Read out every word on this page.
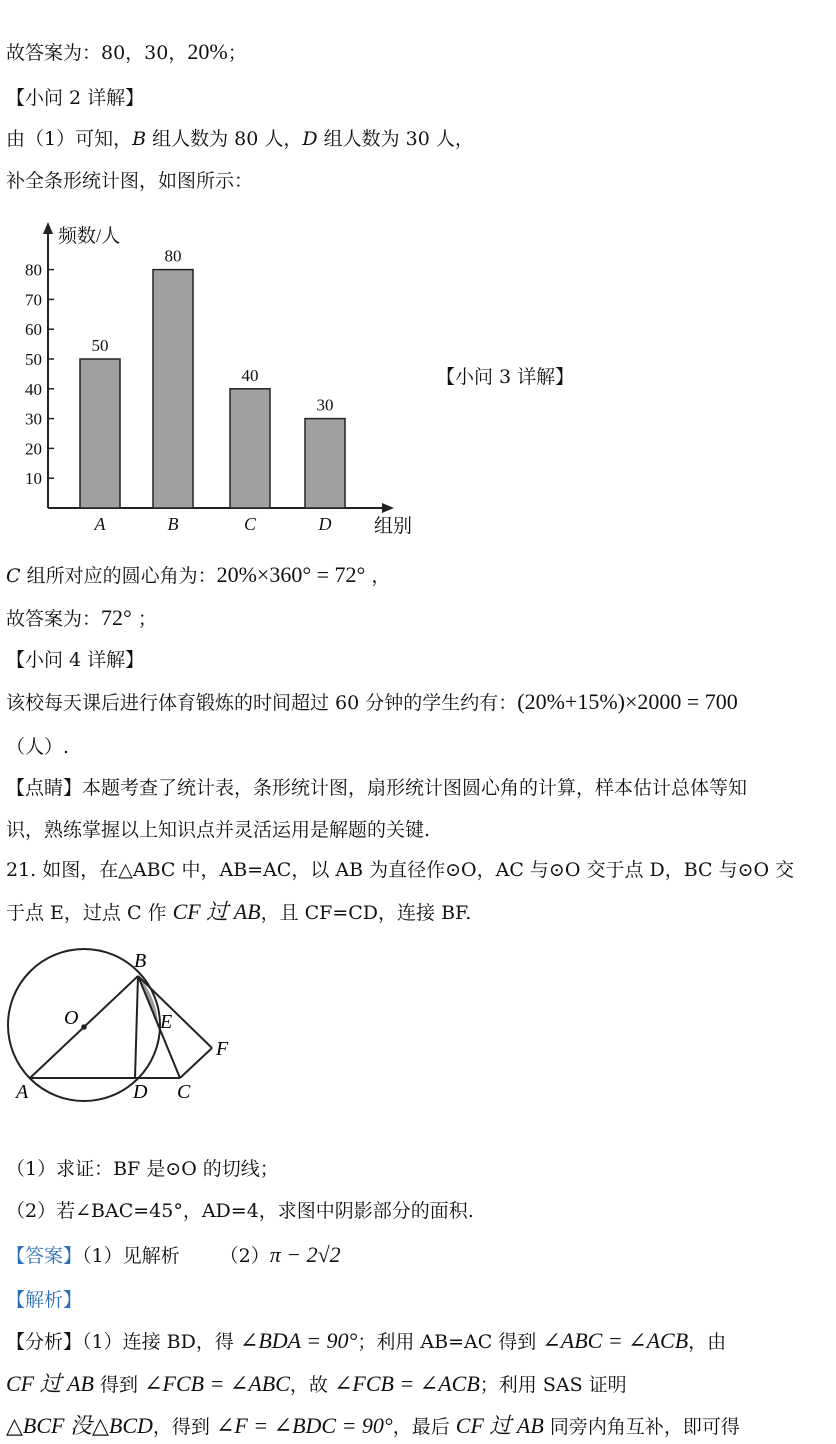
故答案为：80，30，20%；
【小问 2 详解】
由（1）可知，B 组人数为 80 人，D 组人数为 30 人，
补全条形统计图，如图所示：
10
20
30
40
50
60
70
80
频数/人
组别
50
A
80
B
40
C
30
D
【小问 3 详解】
C 组所对应的圆心角为：20%×360° = 72° ，
故答案为：72° ；
【小问 4 详解】
该校每天课后进行体育锻炼的时间超过 60 分钟的学生约有：(20%+15%)×2000 = 700
（人）.
【点睛】本题考查了统计表，条形统计图，扇形统计图圆心角的计算，样本估计总体等知
识，熟练掌握以上知识点并灵活运用是解题的关键.
21. 如图，在△ABC 中，AB=AC，以 AB 为直径作⊙O，AC 与⊙O 交于点 D，BC 与⊙O 交
于点 E，过点 C 作 CF 过 AB，且 CF=CD，连接 BF.
B
O	E
F
A	D C
（1）求证：BF 是⊙O 的切线；
（2）若∠BAC=45°，AD=4，求图中阴影部分的面积.
【答案】（1）见解析 （2）π − 2√2
【解析】
【分析】（1）连接 BD，得 ∠BDA = 90°；利用 AB=AC 得到 ∠ABC = ∠ACB，由
CF 过 AB 得到 ∠FCB = ∠ABC，故 ∠FCB = ∠ACB；利用 SAS 证明
△BCF 没△BCD，得到 ∠F = ∠BDC = 90°，最后 CF 过 AB 同旁内角互补，即可得
